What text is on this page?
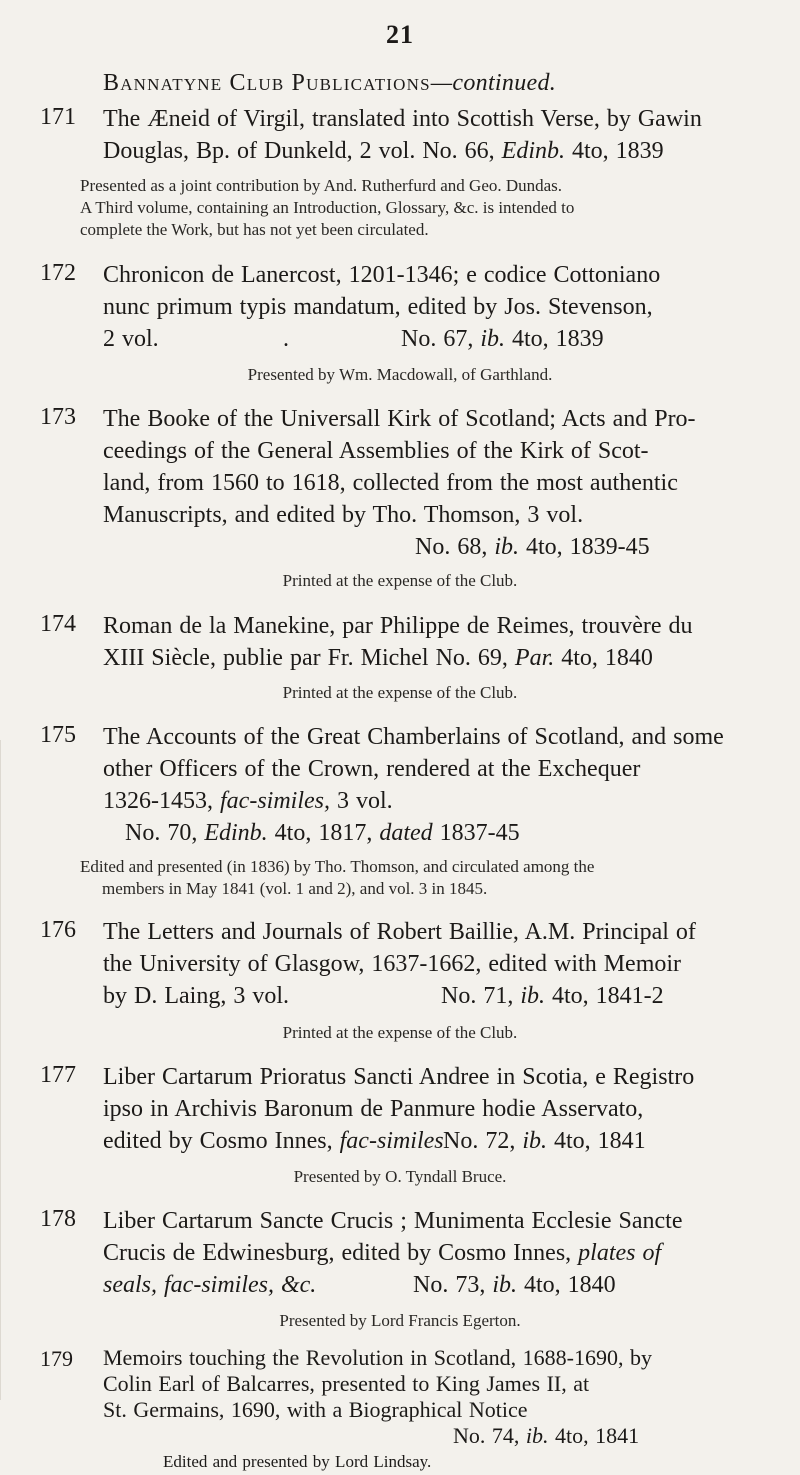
21
Bannatyne Club Publications—continued.
171	The Æneid of Virgil, translated into Scottish Verse, by Gawin
Douglas, Bp. of Dunkeld, 2 vol. No. 66, Edinb. 4to, 1839
Presented as a joint contribution by And. Rutherfurd and Geo. Dundas.
A Third volume, containing an Introduction, Glossary, &c. is intended to
complete the Work, but has not yet been circulated.
172	Chronicon de Lanercost, 1201-1346; e codice Cottoniano
nunc primum typis mandatum, edited by Jos. Stevenson,
2 vol.	.	No. 67, ib. 4to, 1839
Presented by Wm. Macdowall, of Garthland.
173	The Booke of the Universall Kirk of Scotland; Acts and Pro-
ceedings of the General Assemblies of the Kirk of Scot-
land, from 1560 to 1618, collected from the most authentic
Manuscripts, and edited by Tho. Thomson, 3 vol.
No. 68, ib. 4to, 1839-45

Printed at the expense of the Club.
174	Roman de la Manekine, par Philippe de Reimes, trouvère du
XIII Siècle, publie par Fr. Michel No. 69, Par. 4to, 1840
Printed at the expense of the Club.
175	The Accounts of the Great Chamberlains of Scotland, and some
other Officers of the Crown, rendered at the Exchequer
1326-1453, fac-similes, 3 vol.
No. 70, Edinb. 4to, 1817, dated 1837-45

Edited and presented (in 1836) by Tho. Thomson, and circulated among the
members in May 1841 (vol. 1 and 2), and vol. 3 in 1845.
176	The Letters and Journals of Robert Baillie, A.M. Principal of
the University of Glasgow, 1637-1662, edited with Memoir
by D. Laing, 3 vol.	No. 71, ib. 4to, 1841-2
Printed at the expense of the Club.
177	Liber Cartarum Prioratus Sancti Andree in Scotia, e Registro
ipso in Archivis Baronum de Panmure hodie Asservato,
edited by Cosmo Innes, fac-similes No. 72, ib. 4to, 1841
Presented by O. Tyndall Bruce.
178	Liber Cartarum Sancte Crucis ; Munimenta Ecclesie Sancte
Crucis de Edwinesburg, edited by Cosmo Innes, plates of
seals, fac-similes, &c.	No. 73, ib. 4to, 1840
Presented by Lord Francis Egerton.
179	Memoirs touching the Revolution in Scotland, 1688-1690, by
Colin Earl of Balcarres, presented to King James II, at
St. Germains, 1690, with a Biographical Notice
No. 74, ib. 4to, 1841

Edited and presented by Lord Lindsay.
